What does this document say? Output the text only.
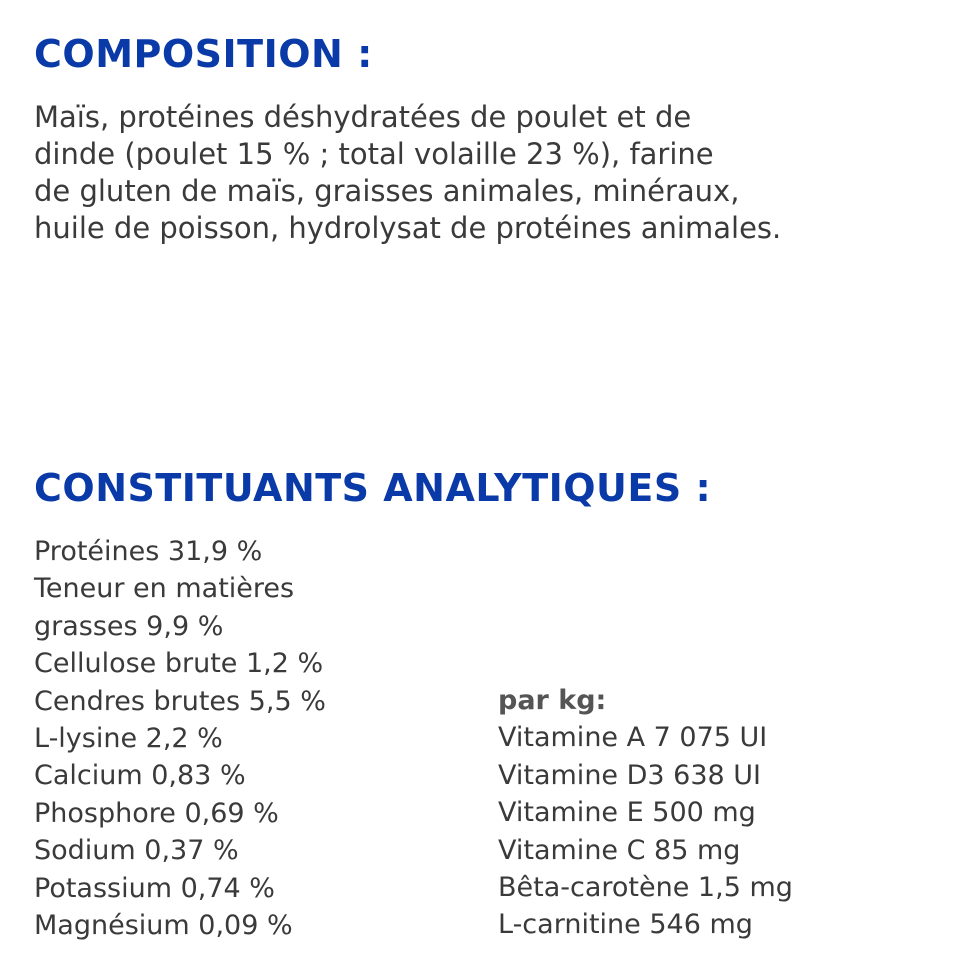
COMPOSITION :

Maïs, protéines déshydratées de poulet et de
dinde (poulet 15 % ; total volaille 23 %), farine
de gluten de maïs, graisses animales, minéraux,
huile de poisson, hydrolysat de protéines animales.

CONSTITUANTS ANALYTIQUES :
Protéines 31,9 %
Teneur en matières
grasses 9,9 %
Cellulose brute 1,2 %
Cendres brutes 5,5 %
L-lysine 2,2 %
Calcium 0,83 %
Phosphore 0,69 %
Sodium 0,37 %
Potassium 0,74 %
Magnésium 0,09 %
par kg:
Vitamine A 7 075 UI
Vitamine D3 638 UI
Vitamine E 500 mg
Vitamine C 85 mg
Bêta-carotène 1,5 mg
L-carnitine 546 mg
